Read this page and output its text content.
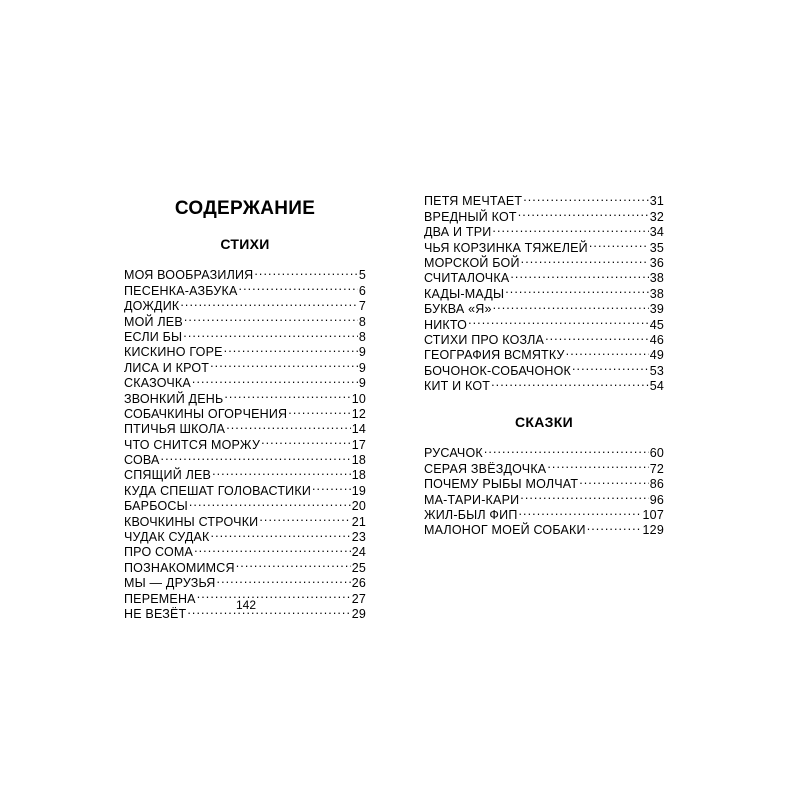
СОДЕРЖАНИЕ
СТИХИ
МОЯ ВООБРАЗИЛИЯ . . .	5
ПЕСЕНКА-АЗБУКА . . .	6
ДОЖДИК . . .	7
МОЙ ЛЕВ . . .	8
ЕСЛИ БЫ . . .	8
КИСКИНО ГОРЕ . . .	9
ЛИСА И КРОТ . . .	9
СКАЗОЧКА . . .	9
ЗВОНКИЙ ДЕНЬ . . .	10
СОБАЧКИНЫ ОГОРЧЕНИЯ . . .	12
ПТИЧЬЯ ШКОЛА . . .	14
ЧТО СНИТСЯ МОРЖУ . . .	17
СОВА . . .	18
СПЯЩИЙ ЛЕВ . . .	18
КУДА СПЕШАТ ГОЛОВАСТИКИ . . .	19
БАРБОСЫ . . .	20
КВОЧКИНЫ СТРОЧКИ . . .	21
ЧУДАК СУДАК . . .	23
ПРО СОМА . . .	24
ПОЗНАКОМИМСЯ . . .	25
МЫ — ДРУЗЬЯ . . .	26
ПЕРЕМЕНА . . .	27
НЕ ВЕЗЁТ . . .	29
ПЕТЯ МЕЧТАЕТ . . .	31
ВРЕДНЫЙ КОТ . . .	32
ДВА И ТРИ . . .	34
ЧЬЯ КОРЗИНКА ТЯЖЕЛЕЙ . . .	35
МОРСКОЙ БОЙ . . .	36
СЧИТАЛОЧКА . . .	38
КАДЫ-МАДЫ . . .	38
БУКВА «Я» . . .	39
НИКТО . . .	45
СТИХИ ПРО КОЗЛА . . .	46
ГЕОГРАФИЯ ВСМЯТКУ . . .	49
БОЧОНОК-СОБАЧОНОК . . .	53
КИТ И КОТ . . .	54
СКАЗКИ
РУСАЧОК . . .	60
СЕРАЯ ЗВЁЗДОЧКА . . .	72
ПОЧЕМУ РЫБЫ МОЛЧАТ . . .	86
МА-ТАРИ-КАРИ . . .	96
ЖИЛ-БЫЛ ФИП . . .	107
МАЛОНОГ МОЕЙ СОБАКИ . . .	129
142
